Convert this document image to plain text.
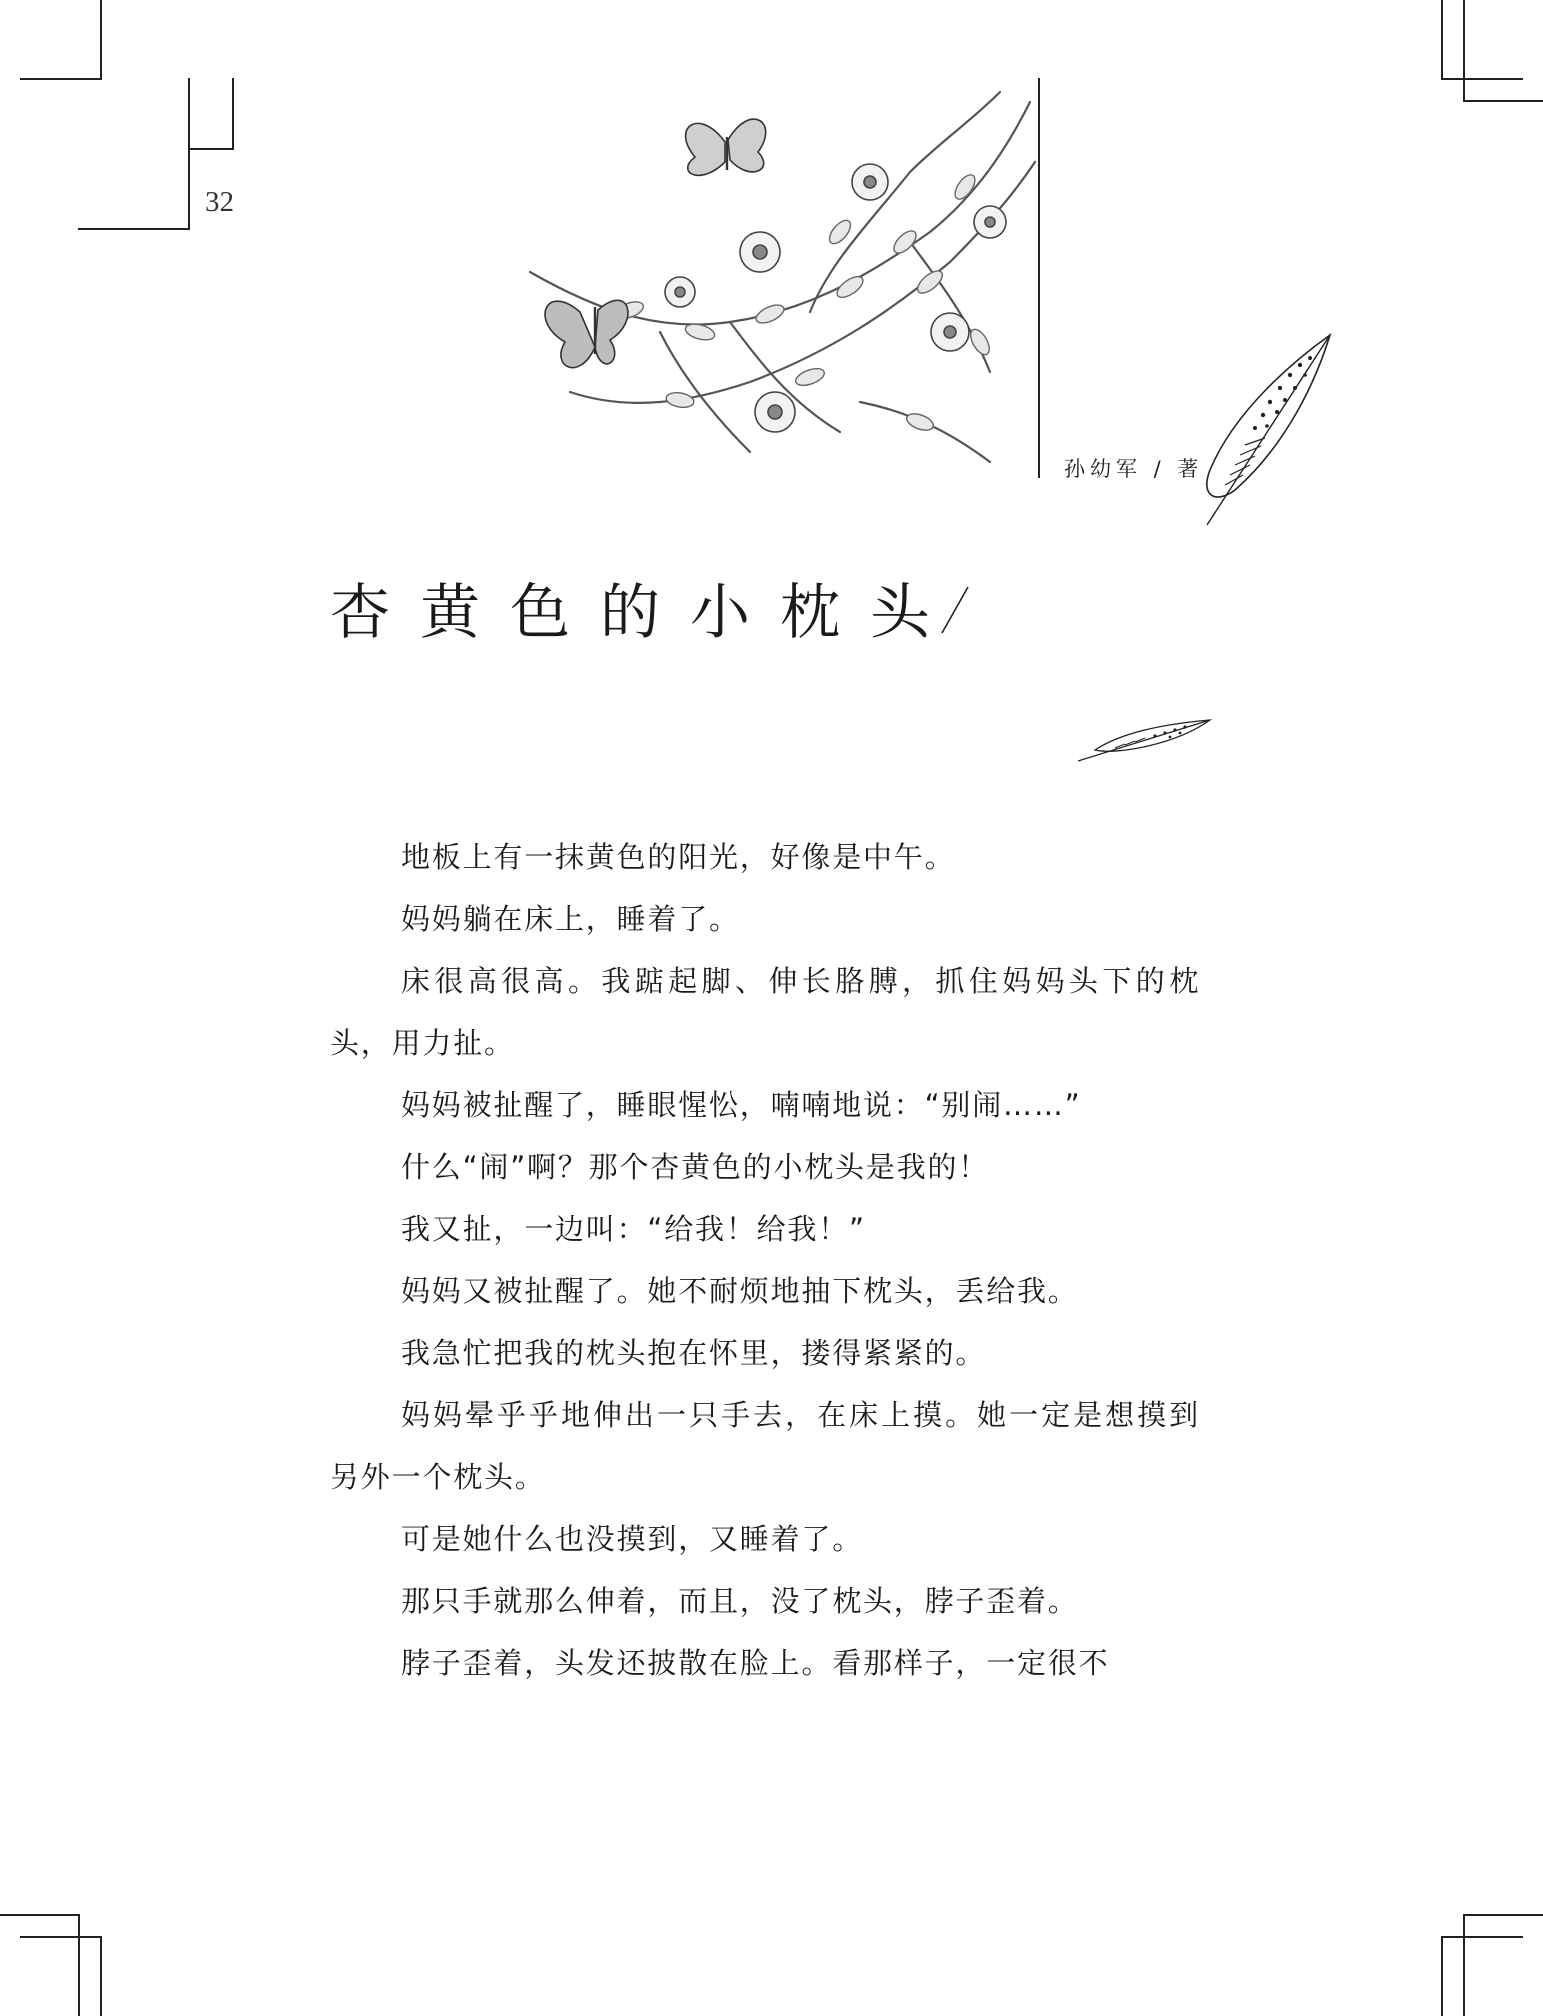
32
孙幼军 / 著
杏黄色的小枕头

地板上有一抹黄色的阳光，好像是中午。

妈妈躺在床上，睡着了。

床很高很高。我踮起脚、伸长胳膊，抓住妈妈头下的枕头，用力扯。

妈妈被扯醒了，睡眼惺忪，喃喃地说：“别闹……”

什么“闹”啊？那个杏黄色的小枕头是我的！

我又扯，一边叫：“给我！给我！”

妈妈又被扯醒了。她不耐烦地抽下枕头，丢给我。

我急忙把我的枕头抱在怀里，搂得紧紧的。

妈妈晕乎乎地伸出一只手去，在床上摸。她一定是想摸到另外一个枕头。

可是她什么也没摸到，又睡着了。

那只手就那么伸着，而且，没了枕头，脖子歪着。

脖子歪着，头发还披散在脸上。看那样子，一定很不
